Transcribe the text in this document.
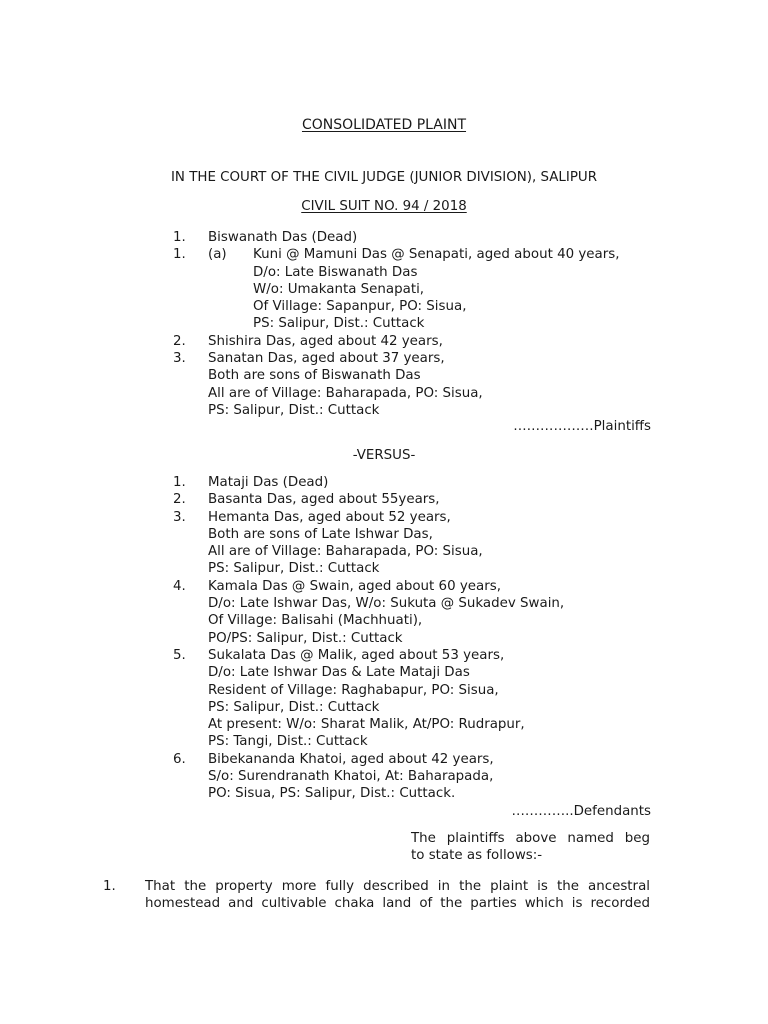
CONSOLIDATED PLAINT
IN THE COURT OF THE CIVIL JUDGE (JUNIOR DIVISION), SALIPUR
CIVIL SUIT NO. 94 / 2018
1. Biswanath Das (Dead)
1. (a) Kuni @ Mamuni Das @ Senapati, aged about 40 years,
D/o: Late Biswanath Das
W/o: Umakanta Senapati,
Of Village: Sapanpur, PO: Sisua,
PS: Salipur, Dist.: Cuttack
2. Shishira Das, aged about 42 years,
3. Sanatan Das, aged about 37 years,
Both are sons of Biswanath Das
All are of Village: Baharapada, PO: Sisua,
PS: Salipur, Dist.: Cuttack
………………Plaintiffs
-VERSUS-
1. Mataji Das (Dead)
2. Basanta Das, aged about 55years,
3. Hemanta Das, aged about 52 years,
Both are sons of Late Ishwar Das,
All are of Village: Baharapada, PO: Sisua,
PS: Salipur, Dist.: Cuttack
4. Kamala Das @ Swain, aged about 60 years,
D/o: Late Ishwar Das, W/o: Sukuta @ Sukadev Swain,
Of Village: Balisahi (Machhuati),
PO/PS: Salipur, Dist.: Cuttack
5. Sukalata Das @ Malik, aged about 53 years,
D/o: Late Ishwar Das & Late Mataji Das
Resident of Village: Raghabapur, PO: Sisua,
PS: Salipur, Dist.: Cuttack
At present: W/o: Sharat Malik, At/PO: Rudrapur,
PS: Tangi, Dist.: Cuttack
6. Bibekananda Khatoi, aged about 42 years,
S/o: Surendranath Khatoi, At: Baharapada,
PO: Sisua, PS: Salipur, Dist.: Cuttack.
…………..Defendants
The plaintiffs above named beg
to state as follows:-
1. That the property more fully described in the plaint is the ancestral
homestead and cultivable chaka land of the parties which is recorded
